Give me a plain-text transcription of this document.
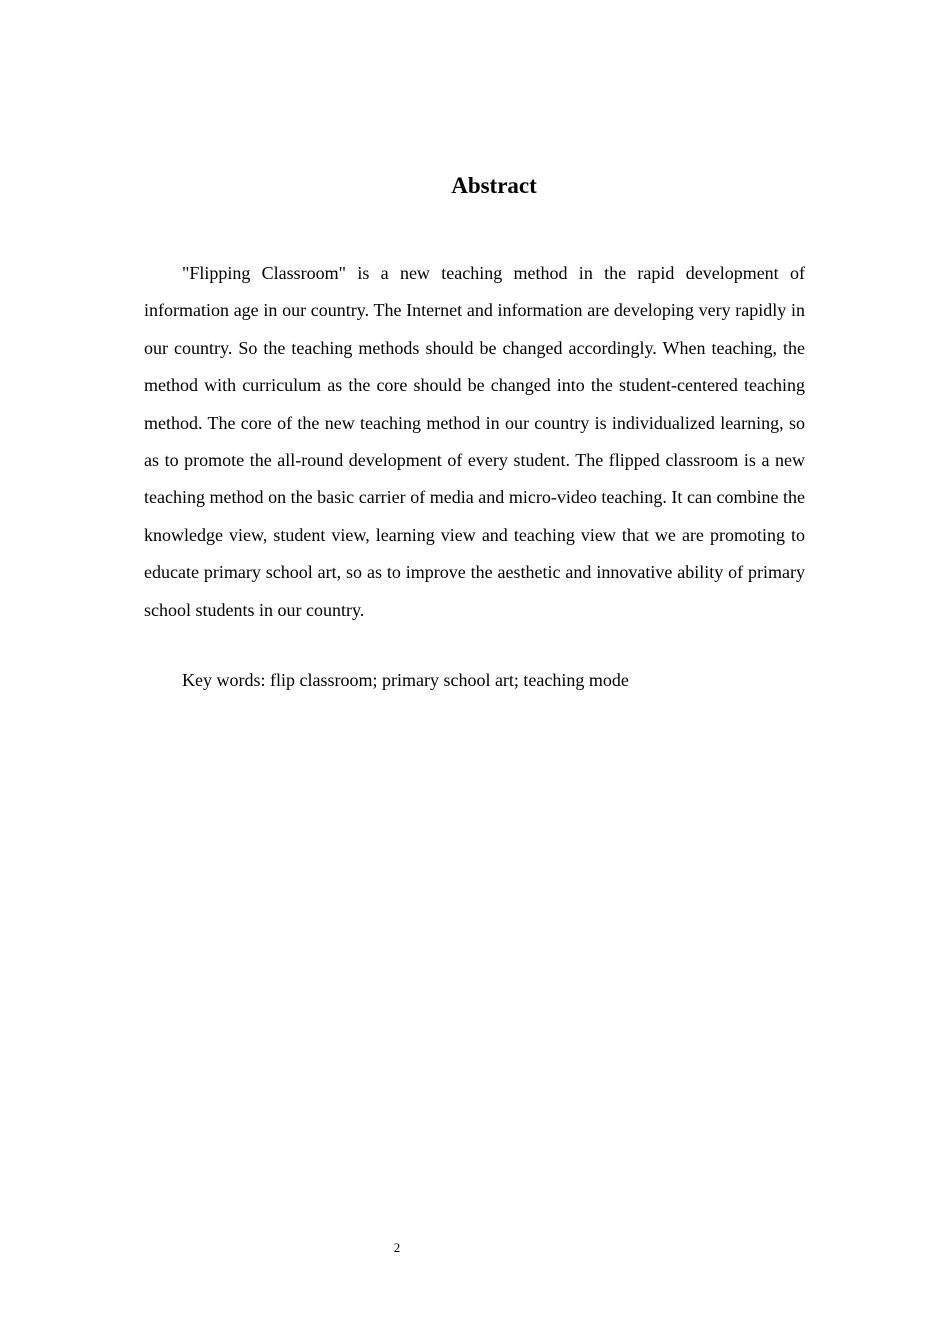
Abstract

"Flipping Classroom" is a new teaching method in the rapid development of information age in our country. The Internet and information are developing very rapidly in our country. So the teaching methods should be changed accordingly. When teaching, the method with curriculum as the core should be changed into the student-centered teaching method. The core of the new teaching method in our country is individualized learning, so as to promote the all-round development of every student. The flipped classroom is a new teaching method on the basic carrier of media and micro-video teaching. It can combine the knowledge view, student view, learning view and teaching view that we are promoting to educate primary school art, so as to improve the aesthetic and innovative ability of primary school students in our country.

Key words: flip classroom; primary school art; teaching mode

2
